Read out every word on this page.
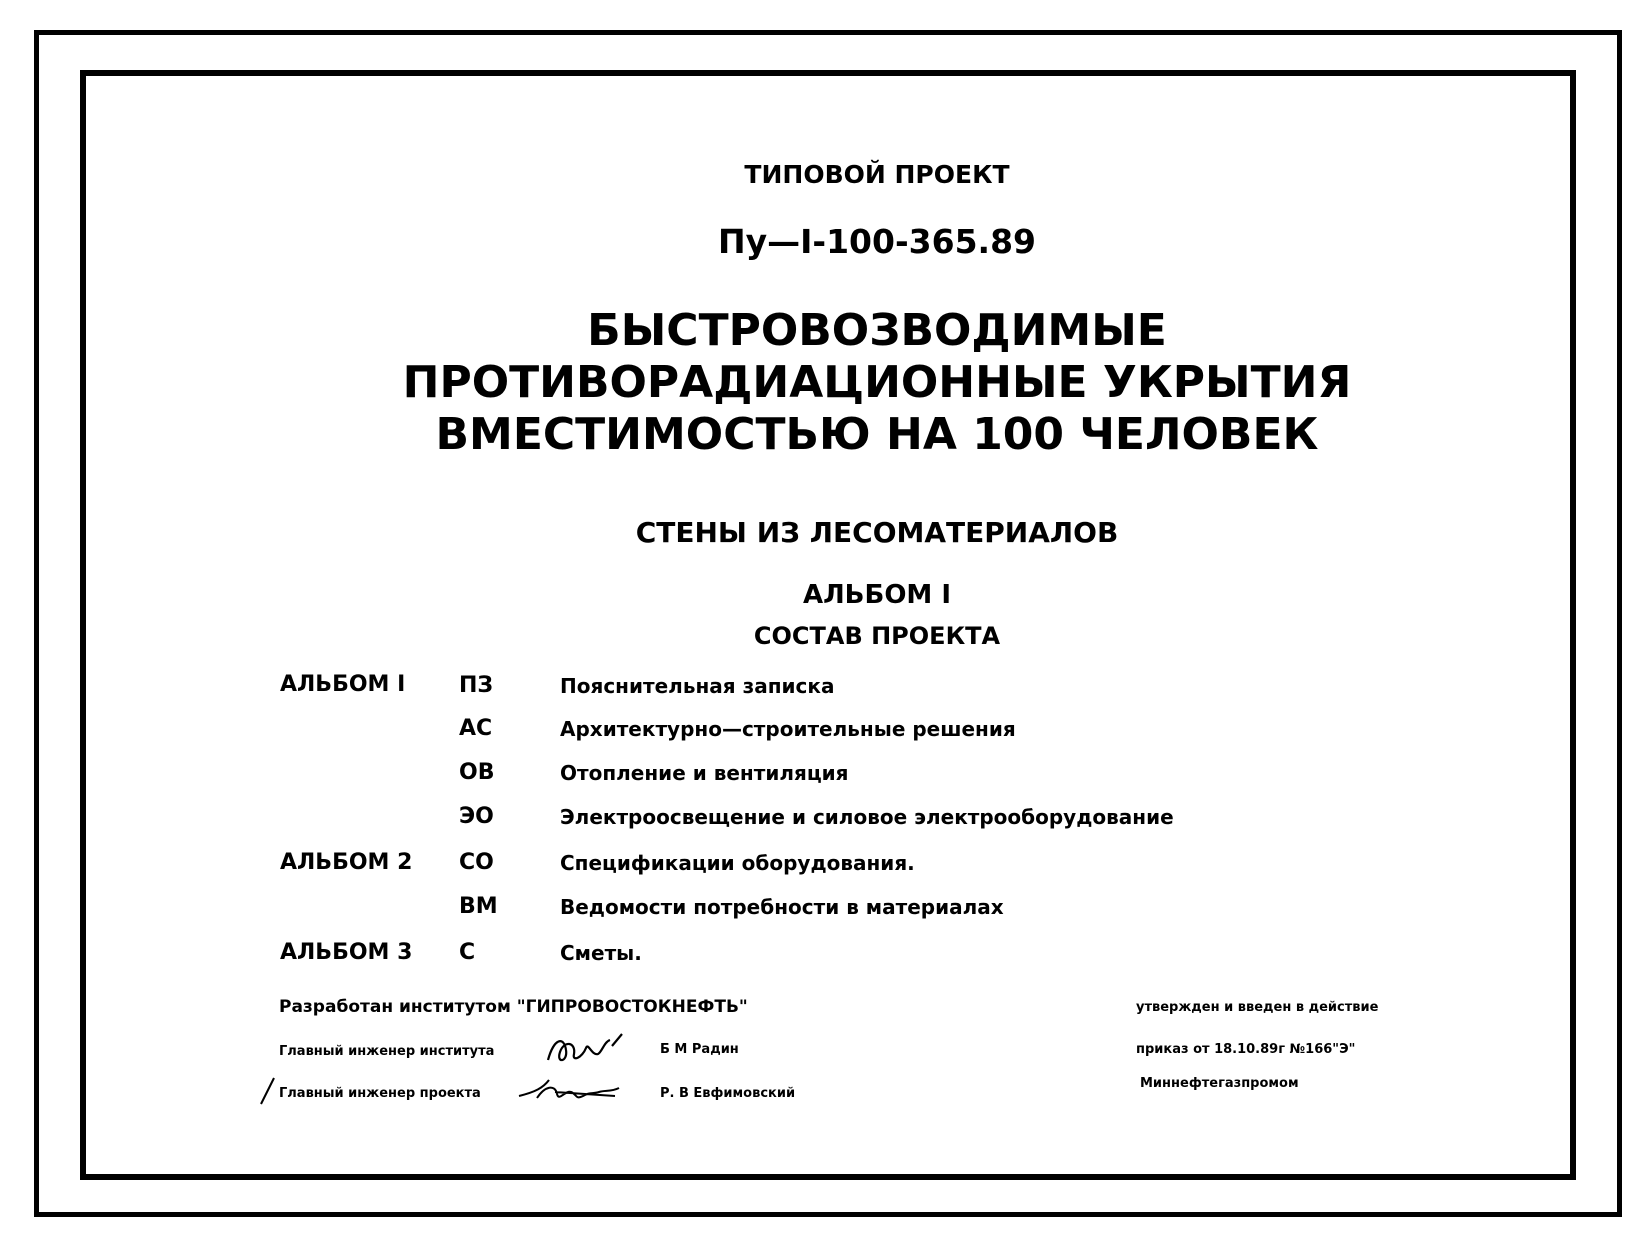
ТИПОВОЙ ПРОЕКТ
Пу—I-100-365.89
БЫСТРОВОЗВОДИМЫЕ
ПРОТИВОРАДИАЦИОННЫЕ УКРЫТИЯ
ВМЕСТИМОСТЬЮ НА 100 ЧЕЛОВЕК
СТЕНЫ ИЗ ЛЕСОМАТЕРИАЛОВ
АЛЬБОМ I
СОСТАВ ПРОЕКТА
АЛЬБОМ I ПЗ	Пояснительная записка
АС	Архитектурно—строительные решения
ОВ	Отопление и вентиляция
ЭО	Электроосвещение и силовое электрооборудование
АЛЬБОМ 2 СО	Спецификации оборудования.
ВМ	Ведомости потребности в материалах
АЛЬБОМ 3 С	Сметы.
Разработан институтом "ГИПРОВОСТОКНЕФТЬ"
Главный инженер института	Б М Радин
Главный инженер проекта	Р. В Евфимовский
утвержден и введен в действие
приказ от 18.10.89г №166"Э"
Миннефтегазпромом
